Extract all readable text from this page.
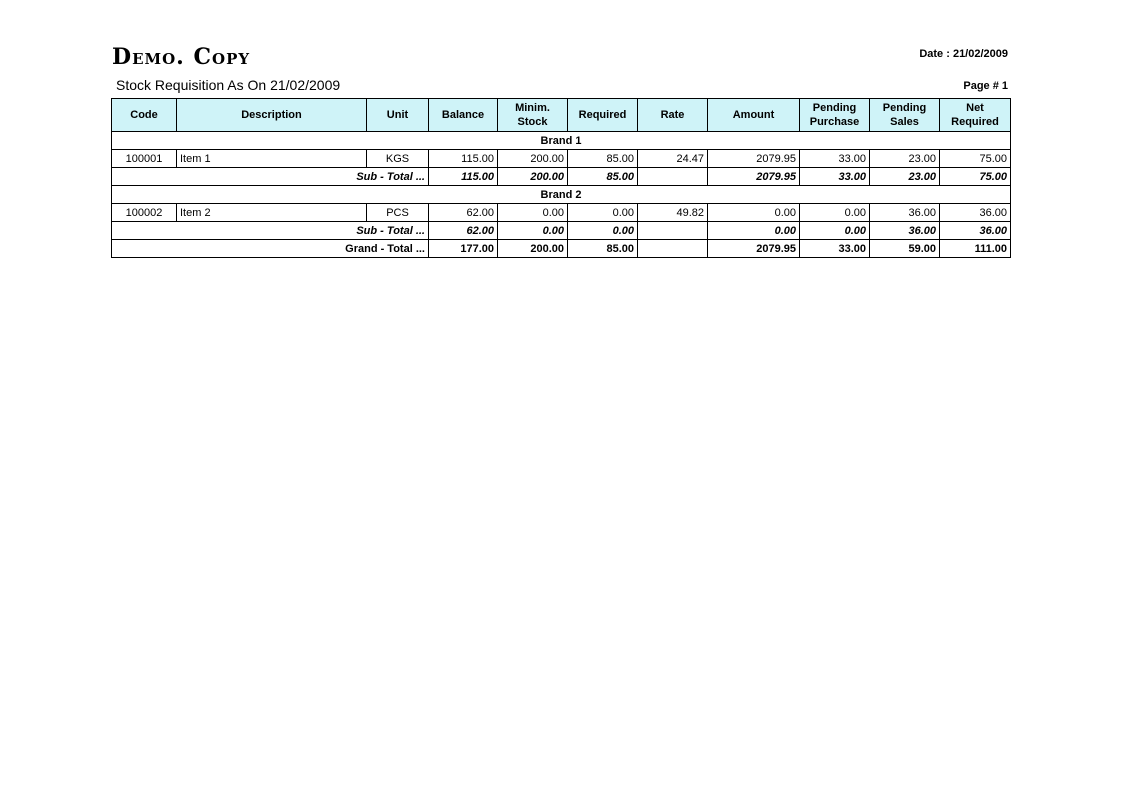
Demo. Copy
Stock Requisition As On 21/02/2009
Date : 21/02/2009
Page # 1
Code	Description	Unit	Balance	Minim. Stock	Required	Rate	Amount	Pending Purchase	Pending Sales	Net Required
Brand 1										
100001	Item 1	KGS	115.00	200.00	85.00	24.47	2079.95	33.00	23.00	75.00
Sub - Total ...			115.00	200.00	85.00		2079.95	33.00	23.00	75.00
Brand 2										
100002	Item 2	PCS	62.00	0.00	0.00	49.82	0.00	0.00	36.00	36.00
Sub - Total ...			62.00	0.00	0.00		0.00	0.00	36.00	36.00
Grand - Total ...			177.00	200.00	85.00		2079.95	33.00	59.00	111.00
